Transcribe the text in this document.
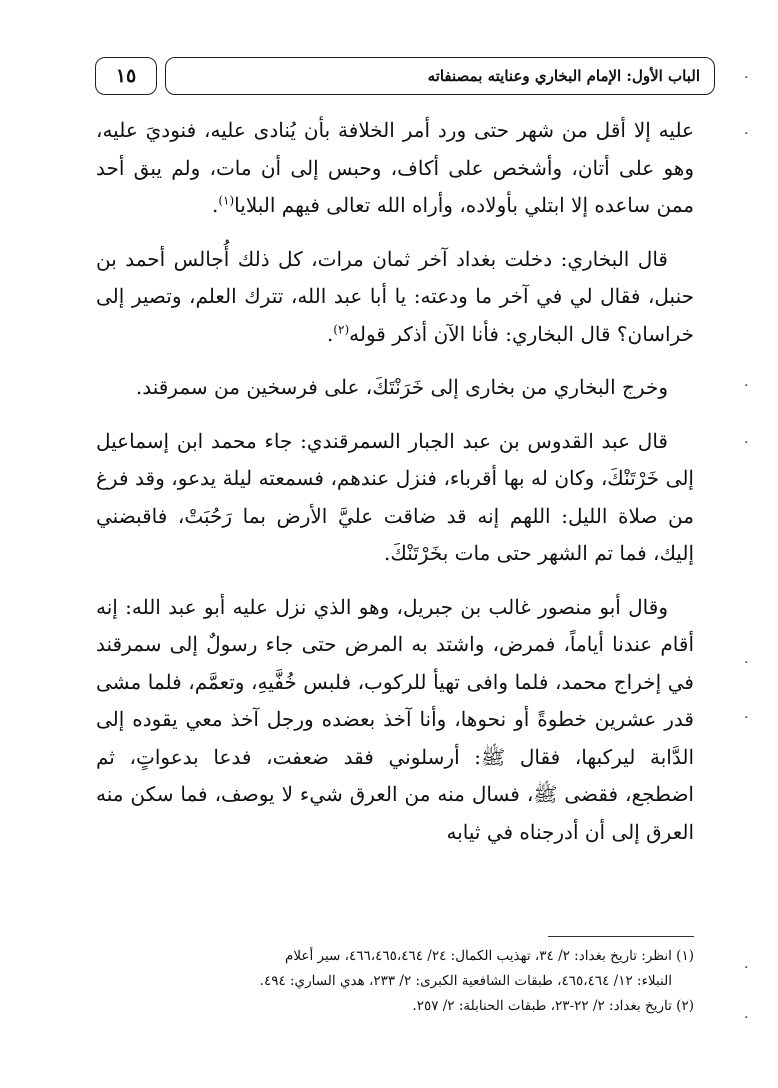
١٥	الباب الأول: الإمام البخاري وعنايته بمصنفاته

عليه إلا أقل من شهر حتى ورد أمر الخلافة بأن يُنادى عليه، فنوديَ عليه، وهو على أتان، وأشخص على أكاف، وحبس إلى أن مات، ولم يبق أحد ممن ساعده إلا ابتلي بأولاده، وأراه الله تعالى فيهم البلايا$^{(١)}$.

قال البخاري: دخلت بغداد آخر ثمان مرات، كل ذلك أُجالس أحمد بن حنبل، فقال لي في آخر ما ودعته: يا أبا عبد الله، تترك العلم، وتصير إلى خراسان؟ قال البخاري: فأنا الآن أذكر قوله$^{(٢)}$.

وخرج البخاري من بخارى إلى خَرَنْتَكَ، على فرسخين من سمرقند.

قال عبد القدوس بن عبد الجبار السمرقندي: جاء محمد ابن إسماعيل إلى خَرْتَنْكَ، وكان له بها أقرباء، فنزل عندهم، فسمعته ليلة يدعو، وقد فرغ من صلاة الليل: اللهم إنه قد ضاقت عليَّ الأرض بما رَحُبَتْ، فاقبضني إليك، فما تم الشهر حتى مات بخَرْتَنْكَ.

وقال أبو منصور غالب بن جبريل، وهو الذي نزل عليه أبو عبد الله: إنه أقام عندنا أياماً، فمرض، واشتد به المرض حتى جاء رسولٌ إلى سمرقند في إخراج محمد، فلما وافى تهيأ للركوب، فلبس خُفَّيهِ، وتعمَّم، فلما مشى قدر عشرين خطوةً أو نحوها، وأنا آخذ بعضده ورجل آخذ معي يقوده إلى الدَّابة ليركبها، فقال ﷺ: أرسلوني فقد ضعفت، فدعا بدعواتٍ، ثم اضطجع، فقضى ﷺ، فسال منه من العرق شيء لا يوصف، فما سكن منه العرق إلى أن أدرجناه في ثيابه

(١) انظر: تاريخ بغداد: ٢/ ٣٤، تهذيب الكمال: ٢٤/ ٤٦٦،٤٦٥،٤٦٤، سير أعلام
النبلاء: ١٢/ ٤٦٥،٤٦٤، طبقات الشافعية الكبرى: ٢/ ٢٣٣، هدي الساري: ٤٩٤.
(٢) تاريخ بغداد: ٢/ ٢٢-٢٣، طبقات الحنابلة: ٢/ ٢٥٧.
·
·
·
·
·
·
·
·
